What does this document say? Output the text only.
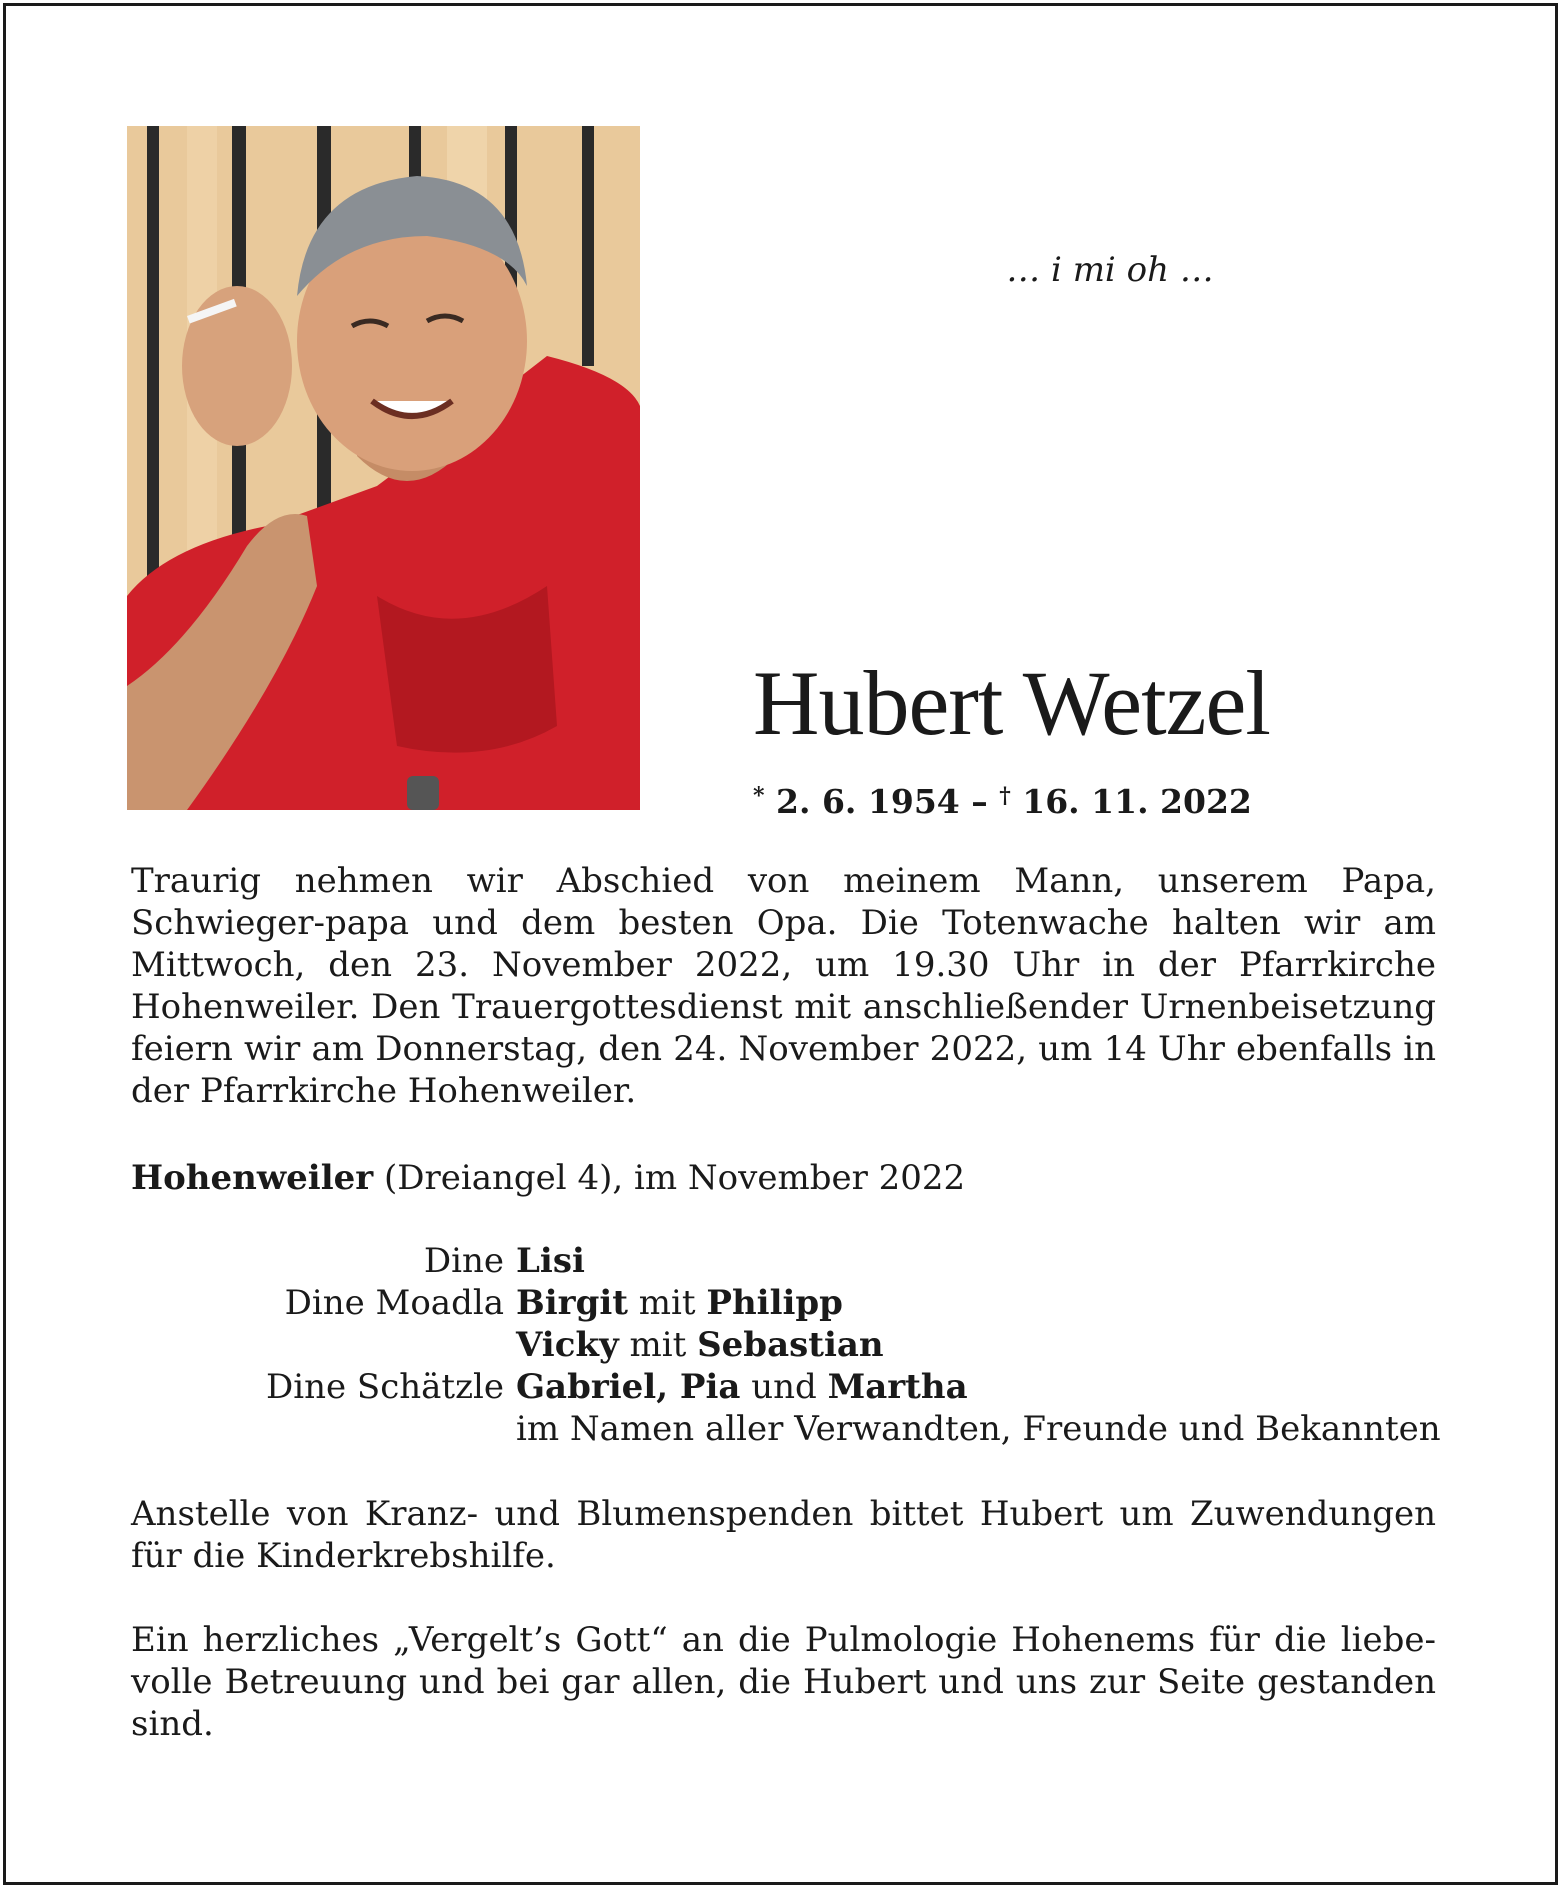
… i mi oh …
Hubert Wetzel
* 2. 6. 1954 – † 16. 11. 2022
Traurig nehmen wir Abschied von meinem Mann, unserem Papa, Schwieger-papa und dem besten Opa. Die Totenwache halten wir am Mittwoch, den 23. November 2022, um 19.30 Uhr in der Pfarrkirche Hohenweiler. Den Trauergottesdienst mit anschließender Urnenbeisetzung feiern wir am Donnerstag, den 24. November 2022, um 14 Uhr ebenfalls in der Pfarrkirche Hohenweiler.
Hohenweiler (Dreiangel 4), im November 2022
Dine Lisi
Dine Moadla Birgit mit Philipp
Vicky mit Sebastian
Dine Schätzle Gabriel, Pia und Martha
im Namen aller Verwandten, Freunde und Bekannten
Anstelle von Kranz- und Blumenspenden bittet Hubert um Zuwendungen für die Kinderkrebshilfe.
Ein herzliches „Vergelt’s Gott“ an die Pulmologie Hohenems für die liebe-volle Betreuung und bei gar allen, die Hubert und uns zur Seite gestanden sind.
